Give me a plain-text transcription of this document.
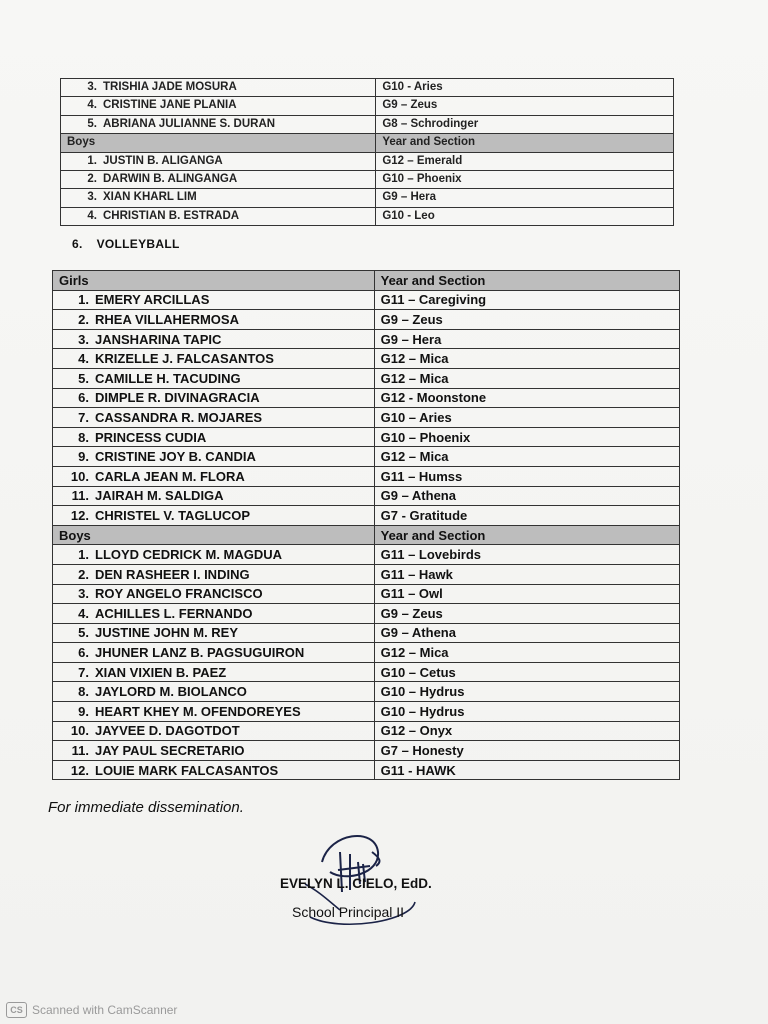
3. TRISHIA JADE MOSURA	G10 - Aries
4. CRISTINE JANE PLANIA	G9 – Zeus
5. ABRIANA JULIANNE S. DURAN	G8 – Schrodinger
Boys	Year and Section
1. JUSTIN B. ALIGANGA	G12 – Emerald
2. DARWIN B. ALINGANGA	G10 – Phoenix
3. XIAN KHARL LIM	G9 – Hera
4. CHRISTIAN B. ESTRADA	G10 - Leo
6. VOLLEYBALL
Girls	Year and Section
1. EMERY ARCILLAS	G11 – Caregiving
2. RHEA VILLAHERMOSA	G9 – Zeus
3. JANSHARINA TAPIC	G9 – Hera
4. KRIZELLE J. FALCASANTOS	G12 – Mica
5. CAMILLE H. TACUDING	G12 – Mica
6. DIMPLE R. DIVINAGRACIA	G12 - Moonstone
7. CASSANDRA R. MOJARES	G10 – Aries
8. PRINCESS CUDIA	G10 – Phoenix
9. CRISTINE JOY B. CANDIA	G12 – Mica
10. CARLA JEAN M. FLORA	G11 – Humss
11. JAIRAH M. SALDIGA	G9 – Athena
12. CHRISTEL V. TAGLUCOP	G7 - Gratitude
Boys	Year and Section
1. LLOYD CEDRICK M. MAGDUA	G11 – Lovebirds
2. DEN RASHEER I. INDING	G11 – Hawk
3. ROY ANGELO FRANCISCO	G11 – Owl
4. ACHILLES L. FERNANDO	G9 – Zeus
5. JUSTINE JOHN M. REY	G9 – Athena
6. JHUNER LANZ B. PAGSUGUIRON	G12 – Mica
7. XIAN VIXIEN B. PAEZ	G10 – Cetus
8. JAYLORD M. BIOLANCO	G10 – Hydrus
9. HEART KHEY M. OFENDOREYES	G10 – Hydrus
10. JAYVEE D. DAGOTDOT	G12 – Onyx
11. JAY PAUL SECRETARIO	G7 – Honesty
12. LOUIE MARK FALCASANTOS	G11 - HAWK
For immediate dissemination.
EVELYN L. CIELO, EdD.
School Principal II
CS Scanned with CamScanner
